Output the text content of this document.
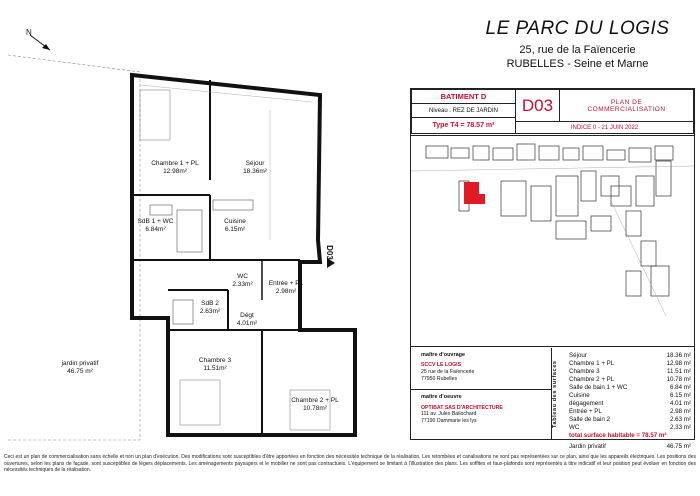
Chambre 1 + PL
12.98m²
Séjour
18.36m²
Cuisine
6.15m²
SdB 1 + WC
6.84m²
WC
2.33m²	Entrée + PL
2.98m²
SdB 2
2.63m²
Dégt
4.01m²
Chambre 3
11.51m²
Chambre 2 + PL
10.78m²
jardin privatif
46.75 m²
N
D03
LE PARC DU LOGIS
25, rue de la Faïencerie
RUBELLES - Seine et Marne
BATIMENT D
Niveau : REZ DE JARDIN
Type T4 = 78.57 m²
D03	PLAN DE COMMERCIALISATION
INDICE 0 - 21 JUIN 2022
maître d'ouvrage
SCCV LE LOGIS
25 rue de la Faïencerie
77950 Rubelles
maître d'oeuvre
OPTIBAT SAS D'ARCHITECTURE
111 av. Jules Bailochard
77190 Dammarie les lys	Tableau des surfaces
Séjour	18.36 m²
Chambre 1 + PL	12.98 m²
Chambre 3	11.51 m²
Chambre 2 + PL	10.78 m²
Salle de bain 1 + WC	6.84 m²
Cuisine	6.15 m²
dégagement	4.01 m²
Entrée + PL	2.98 m²
Salle de bain 2	2.63 m²
WC	2.33 m²
total surface habitable = 78.57 m²	
Jardin privatif	46.75 m²
Ceci est un plan de commercialisation sans échelle et non un plan d'exécution. Des modifications sont susceptibles d'être apportées en fonction des nécessités technique de la réalisation. Les retombées et canalisations ne sont pas représentées sur ce plan, ainsi que les appareils électriques. Les positions des ouvertures, selon les plans de façade, sont susceptibles de légers déplacements. Les aménagements paysagers et le mobilier ne sont pas contractuels. L'équipement se limitant à l'illustration des plans. Les soffites et faux-plafonds sont représentés à titre indicatif et leur position peut évoluer en fonction des nécessités techniques de la réalisation.
